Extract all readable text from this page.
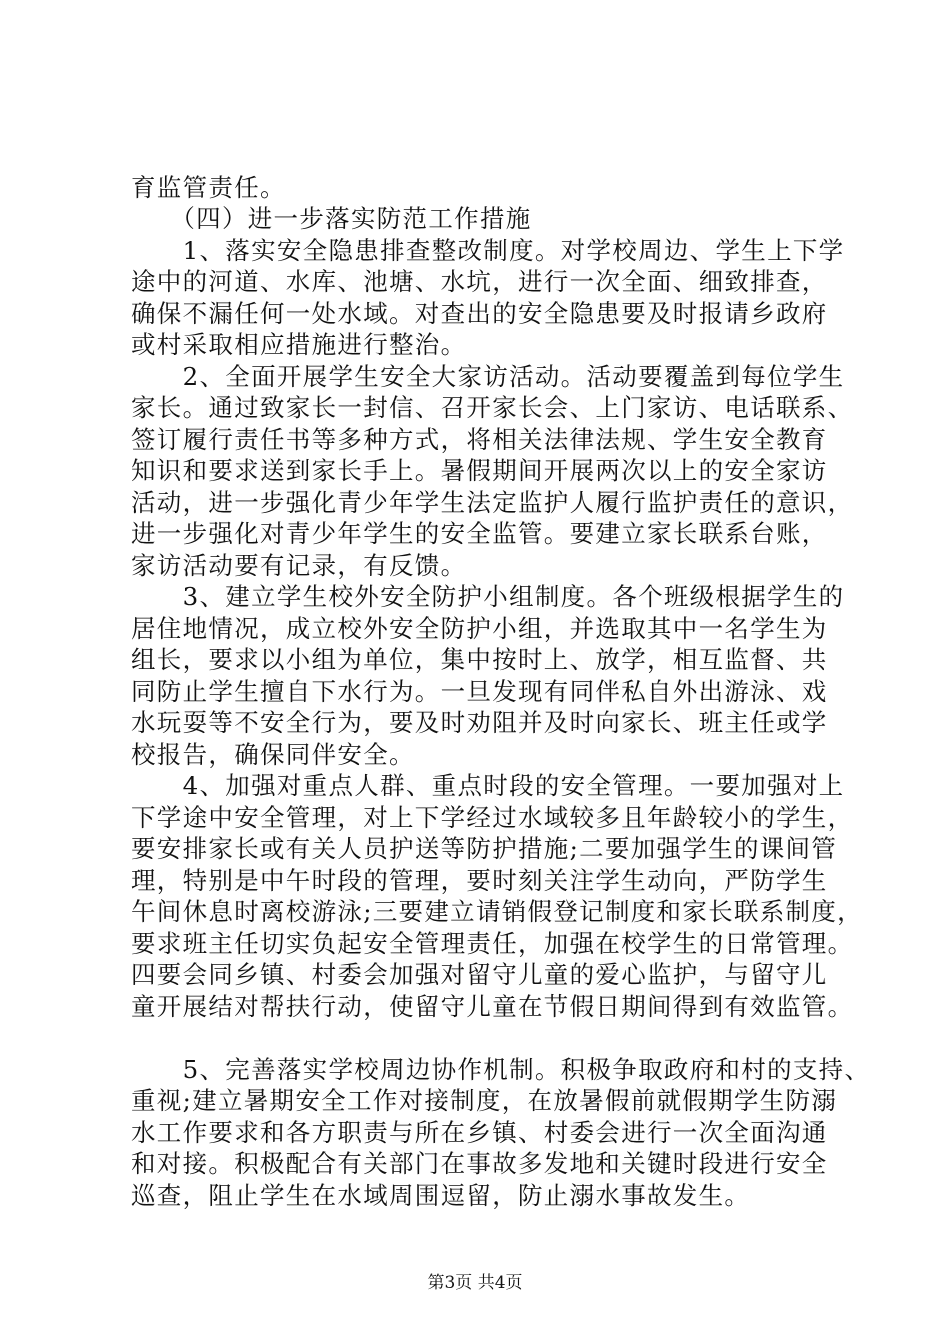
育监管责任。
　　（四）进一步落实防范工作措施
　　1、落实安全隐患排查整改制度。对学校周边、学生上下学
途中的河道、水库、池塘、水坑，进行一次全面、细致排查，
确保不漏任何一处水域。对查出的安全隐患要及时报请乡政府
或村采取相应措施进行整治。
　　2、全面开展学生安全大家访活动。活动要覆盖到每位学生
家长。通过致家长一封信、召开家长会、上门家访、电话联系、
签订履行责任书等多种方式，将相关法律法规、学生安全教育
知识和要求送到家长手上。暑假期间开展两次以上的安全家访
活动，进一步强化青少年学生法定监护人履行监护责任的意识，
进一步强化对青少年学生的安全监管。要建立家长联系台账，
家访活动要有记录，有反馈。
　　3、建立学生校外安全防护小组制度。各个班级根据学生的
居住地情况，成立校外安全防护小组，并选取其中一名学生为
组长，要求以小组为单位，集中按时上、放学，相互监督、共
同防止学生擅自下水行为。一旦发现有同伴私自外出游泳、戏
水玩耍等不安全行为，要及时劝阻并及时向家长、班主任或学
校报告，确保同伴安全。
　　4、加强对重点人群、重点时段的安全管理。一要加强对上
下学途中安全管理，对上下学经过水域较多且年龄较小的学生，
要安排家长或有关人员护送等防护措施;二要加强学生的课间管
理，特别是中午时段的管理，要时刻关注学生动向，严防学生
午间休息时离校游泳;三要建立请销假登记制度和家长联系制度，
要求班主任切实负起安全管理责任，加强在校学生的日常管理。
四要会同乡镇、村委会加强对留守儿童的爱心监护，与留守儿
童开展结对帮扶行动，使留守儿童在节假日期间得到有效监管。
　　5、完善落实学校周边协作机制。积极争取政府和村的支持、
重视;建立暑期安全工作对接制度，在放暑假前就假期学生防溺
水工作要求和各方职责与所在乡镇、村委会进行一次全面沟通
和对接。积极配合有关部门在事故多发地和关键时段进行安全
巡查，阻止学生在水域周围逗留，防止溺水事故发生。
第3页 共4页
